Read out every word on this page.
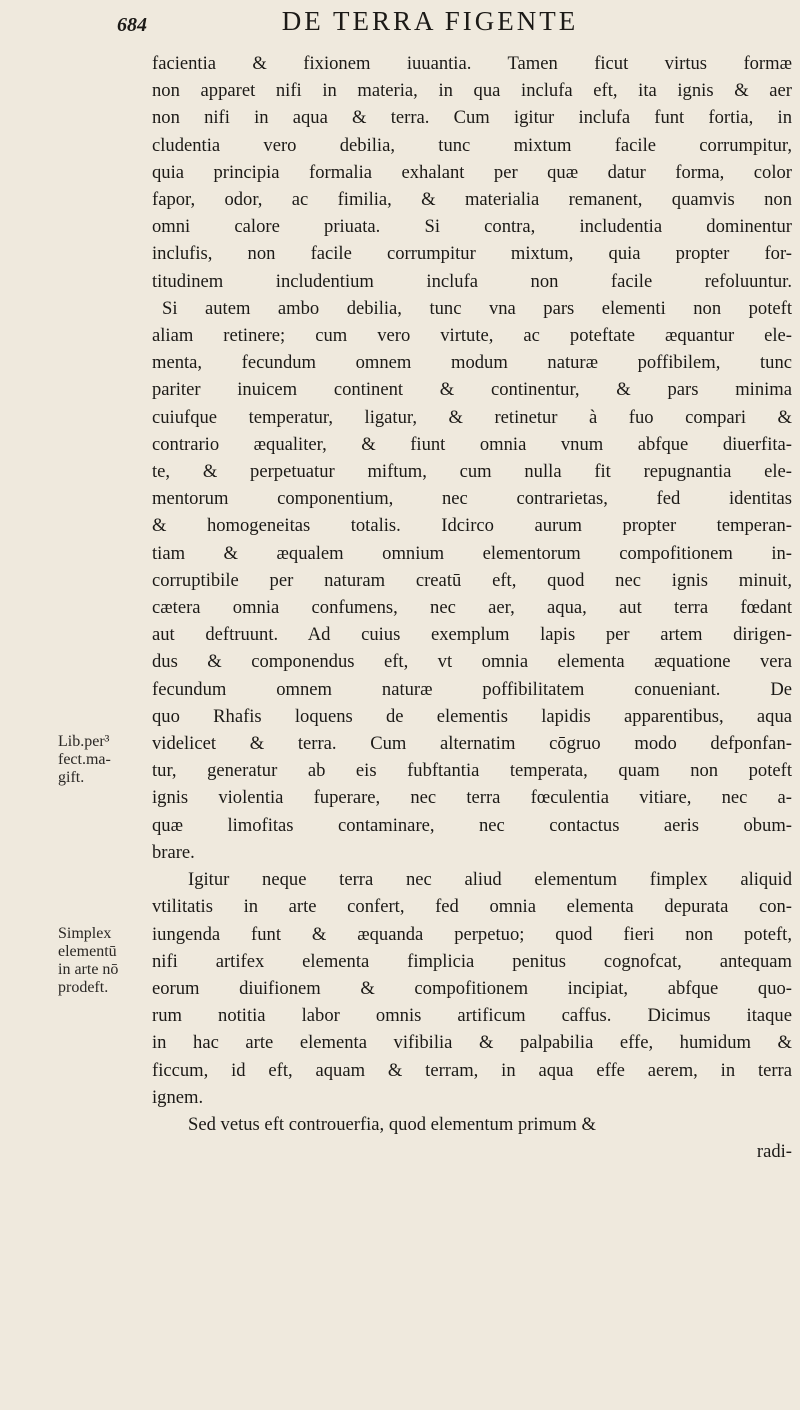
684	DE TERRA FIGENTE
facientia & fixionem iuuantia. Tamen ficut virtus formæ
non apparet nifi in materia, in qua inclufa eft, ita ignis & aer
non nifi in aqua & terra. Cum igitur inclufa funt fortia, in
cludentia vero debilia, tunc mixtum facile corrumpitur,
quia principia formalia exhalant per quæ datur forma, color
fapor, odor, ac fimilia, & materialia remanent, quamvis non
omni calore priuata. Si contra, includentia dominentur
inclufis, non facile corrumpitur mixtum, quia propter for-
titudinem includentium inclufa non facile refoluuntur.
Si autem ambo debilia, tunc vna pars elementi non poteft
aliam retinere; cum vero virtute, ac poteftate æquantur ele-
menta, fecundum omnem modum naturæ poffibilem, tunc
pariter inuicem continent & continentur, & pars minima
cuiufque temperatur, ligatur, & retinetur à fuo compari &
contrario æqualiter, & fiunt omnia vnum abfque diuerfita-
te, & perpetuatur miftum, cum nulla fit repugnantia ele-
mentorum componentium, nec contrarietas, fed identitas
& homogeneitas totalis. Idcirco aurum propter temperan-
tiam & æqualem omnium elementorum compofitionem in-
corruptibile per naturam creatū eft, quod nec ignis minuit,
cætera omnia confumens, nec aer, aqua, aut terra fœdant
aut deftruunt. Ad cuius exemplum lapis per artem dirigen-
dus & componendus eft, vt omnia elementa æquatione vera
fecundum omnem naturæ poffibilitatem conueniant. De
quo Rhafis loquens de elementis lapidis apparentibus, aqua
videlicet & terra. Cum alternatim cōgruo modo defponfan-
tur, generatur ab eis fubftantia temperata, quam non poteft
ignis violentia fuperare, nec terra fœculentia vitiare, nec a-
quæ limofitas contaminare, nec contactus aeris obum-
brare.
Igitur neque terra nec aliud elementum fimplex aliquid
vtilitatis in arte confert, fed omnia elementa depurata con-
iungenda funt & æquanda perpetuo; quod fieri non poteft,
nifi artifex elementa fimplicia penitus cognofcat, antequam
eorum diuifionem & compofitionem incipiat, abfque quo-
rum notitia labor omnis artificum caffus. Dicimus itaque
in hac arte elementa vifibilia & palpabilia effe, humidum &
ficcum, id eft, aquam & terram, in aqua effe aerem, in terra
ignem.
Sed vetus eft controuerfia, quod elementum primum &
radi-
Lib.per³
fect.ma-
gift.
Simplex
elementū
in arte nō
prodeft.
